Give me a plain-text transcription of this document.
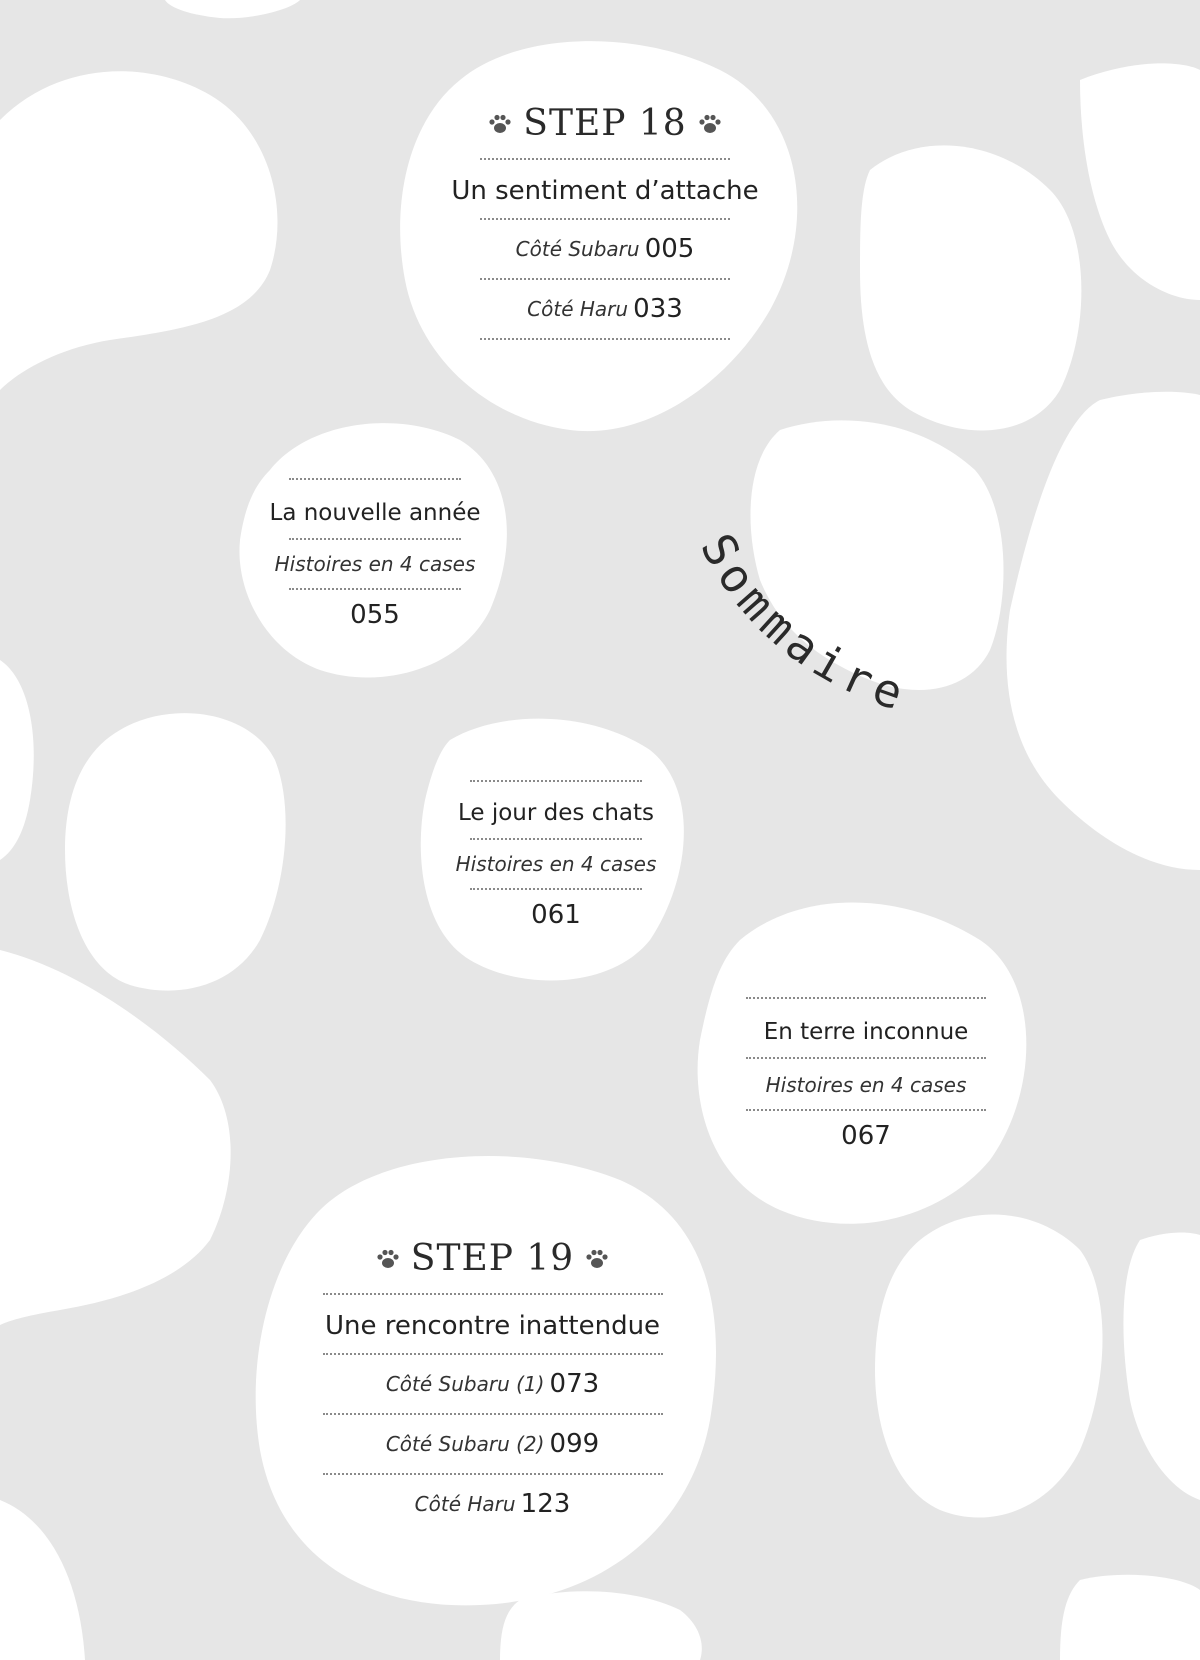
Sommaire
STEP 18
Un sentiment d’attache
Côté Subaru
005
Côté Haru
033
La nouvelle année
Histoires en 4 cases
055
Le jour des chats
Histoires en 4 cases
061
En terre inconnue
Histoires en 4 cases
067
STEP 19
Une rencontre inattendue
Côté Subaru (1)
073
Côté Subaru (2)
099
Côté Haru
123
